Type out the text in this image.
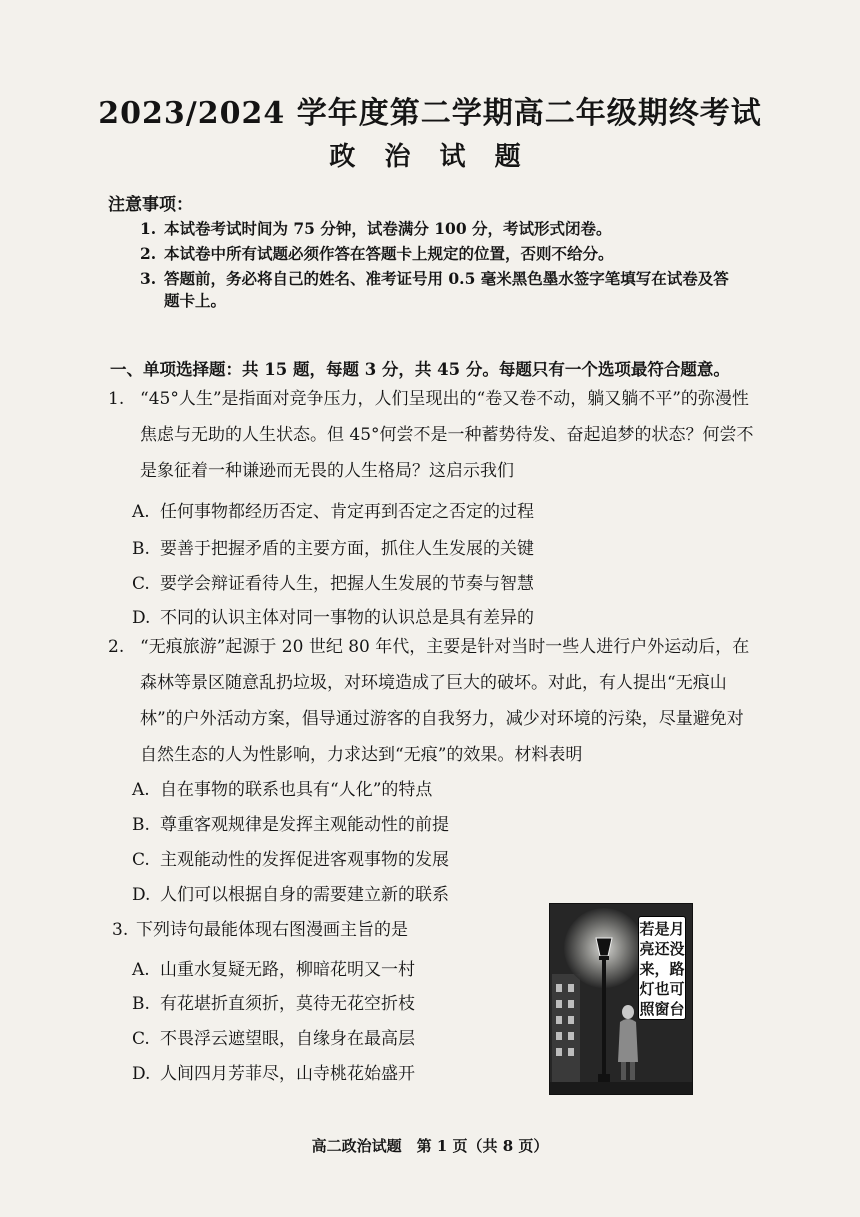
2023/2024 学年度第二学期高二年级期终考试
政 治 试 题
注意事项：
1. 本试卷考试时间为 75 分钟，试卷满分 100 分，考试形式闭卷。
2. 本试卷中所有试题必须作答在答题卡上规定的位置，否则不给分。
3. 答题前，务必将自己的姓名、准考证号用 0.5 毫米黑色墨水签字笔填写在试卷及答
题卡上。
一、单项选择题：共 15 题，每题 3 分，共 45 分。每题只有一个选项最符合题意。
1. “45°人生”是指面对竞争压力，人们呈现出的“卷又卷不动，躺又躺不平”的弥漫性焦虑与无助的人生状态。但 45°何尝不是一种蓄势待发、奋起追梦的状态？何尝不是象征着一种谦逊而无畏的人生格局？这启示我们
A. 任何事物都经历否定、肯定再到否定之否定的过程
B. 要善于把握矛盾的主要方面，抓住人生发展的关键
C. 要学会辩证看待人生，把握人生发展的节奏与智慧
D. 不同的认识主体对同一事物的认识总是具有差异的
2. “无痕旅游”起源于 20 世纪 80 年代，主要是针对当时一些人进行户外运动后，在森林等景区随意乱扔垃圾，对环境造成了巨大的破坏。对此，有人提出“无痕山林”的户外活动方案，倡导通过游客的自我努力，减少对环境的污染，尽量避免对自然生态的人为性影响，力求达到“无痕”的效果。材料表明
A. 自在事物的联系也具有“人化”的特点
B. 尊重客观规律是发挥主观能动性的前提
C. 主观能动性的发挥促进客观事物的发展
D. 人们可以根据自身的需要建立新的联系
3. 下列诗句最能体现右图漫画主旨的是
A. 山重水复疑无路，柳暗花明又一村
B. 有花堪折直须折，莫待无花空折枝
C. 不畏浮云遮望眼，自缘身在最高层
D. 人间四月芳菲尽，山寺桃花始盛开
若是月亮还没来，路灯也可照窗台
高二政治试题　第 1 页（共 8 页）
